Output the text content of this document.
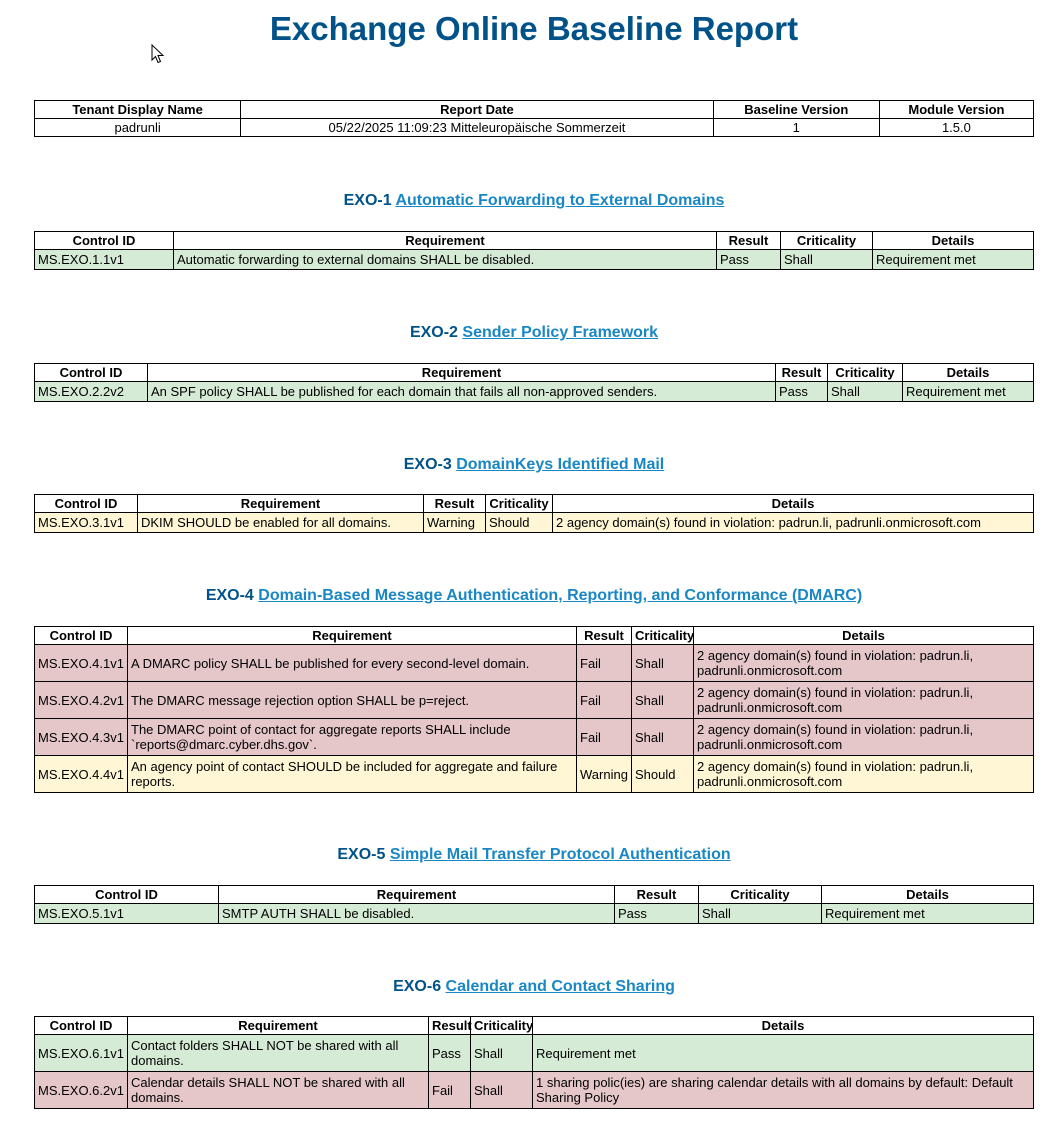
Exchange Online Baseline Report
Tenant Display Name	Report Date	Baseline Version	Module Version
padrunli	05/22/2025 11:09:23 Mitteleuropäische Sommerzeit	1	1.5.0
EXO-1 Automatic Forwarding to External Domains
Control ID	Requirement	Result	Criticality	Details
MS.EXO.1.1v1	Automatic forwarding to external domains SHALL be disabled.	Pass	Shall	Requirement met
EXO-2 Sender Policy Framework
Control ID	Requirement	Result	Criticality	Details
MS.EXO.2.2v2	An SPF policy SHALL be published for each domain that fails all non-approved senders.	Pass	Shall	Requirement met
EXO-3 DomainKeys Identified Mail
Control ID	Requirement	Result	Criticality	Details
MS.EXO.3.1v1	DKIM SHOULD be enabled for all domains.	Warning	Should	2 agency domain(s) found in violation: padrun.li, padrunli.onmicrosoft.com
EXO-4 Domain-Based Message Authentication, Reporting, and Conformance (DMARC)
Control ID	Requirement	Result	Criticality	Details
MS.EXO.4.1v1	A DMARC policy SHALL be published for every second-level domain.	Fail	Shall	2 agency domain(s) found in violation: padrun.li, padrunli.onmicrosoft.com
MS.EXO.4.2v1	The DMARC message rejection option SHALL be p=reject.	Fail	Shall	2 agency domain(s) found in violation: padrun.li, padrunli.onmicrosoft.com
MS.EXO.4.3v1	The DMARC point of contact for aggregate reports SHALL include `reports@dmarc.cyber.dhs.gov`.	Fail	Shall	2 agency domain(s) found in violation: padrun.li, padrunli.onmicrosoft.com
MS.EXO.4.4v1	An agency point of contact SHOULD be included for aggregate and failure reports.	Warning	Should	2 agency domain(s) found in violation: padrun.li, padrunli.onmicrosoft.com
EXO-5 Simple Mail Transfer Protocol Authentication
Control ID	Requirement	Result	Criticality	Details
MS.EXO.5.1v1	SMTP AUTH SHALL be disabled.	Pass	Shall	Requirement met
EXO-6 Calendar and Contact Sharing
Control ID	Requirement	Result	Criticality	Details
MS.EXO.6.1v1	Contact folders SHALL NOT be shared with all domains.	Pass	Shall	Requirement met
MS.EXO.6.2v1	Calendar details SHALL NOT be shared with all domains.	Fail	Shall	1 sharing polic(ies) are sharing calendar details with all domains by default: Default Sharing Policy
